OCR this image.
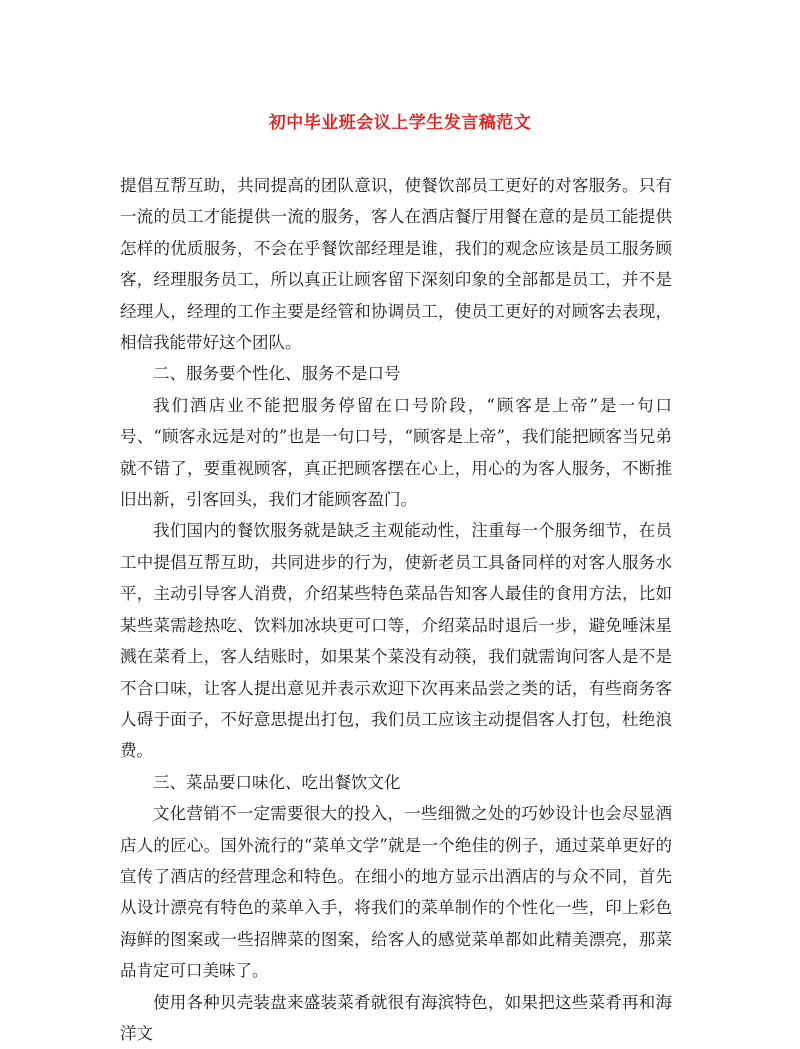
初中毕业班会议上学生发言稿范文

提倡互帮互助，共同提高的团队意识，使餐饮部员工更好的对客服务。只有一流的员工才能提供一流的服务，客人在酒店餐厅用餐在意的是员工能提供怎样的优质服务，不会在乎餐饮部经理是谁，我们的观念应该是员工服务顾客，经理服务员工，所以真正让顾客留下深刻印象的全部都是员工，并不是经理人，经理的工作主要是经管和协调员工，使员工更好的对顾客去表现，相信我能带好这个团队。

二、服务要个性化、服务不是口号

我们酒店业不能把服务停留在口号阶段，“顾客是上帝”是一句口号、“顾客永远是对的”也是一句口号，“顾客是上帝”，我们能把顾客当兄弟就不错了，要重视顾客，真正把顾客摆在心上，用心的为客人服务，不断推旧出新，引客回头，我们才能顾客盈门。

我们国内的餐饮服务就是缺乏主观能动性，注重每一个服务细节，在员工中提倡互帮互助，共同进步的行为，使新老员工具备同样的对客人服务水平，主动引导客人消费，介绍某些特色菜品告知客人最佳的食用方法，比如某些菜需趁热吃、饮料加冰块更可口等，介绍菜品时退后一步，避免唾沫星溅在菜肴上，客人结账时，如果某个菜没有动筷，我们就需询问客人是不是不合口味，让客人提出意见并表示欢迎下次再来品尝之类的话，有些商务客人碍于面子，不好意思提出打包，我们员工应该主动提倡客人打包，杜绝浪费。

三、菜品要口味化、吃出餐饮文化

文化营销不一定需要很大的投入，一些细微之处的巧妙设计也会尽显酒店人的匠心。国外流行的“菜单文学”就是一个绝佳的例子，通过菜单更好的宣传了酒店的经营理念和特色。在细小的地方显示出酒店的与众不同，首先从设计漂亮有特色的菜单入手，将我们的菜单制作的个性化一些，印上彩色海鲜的图案或一些招牌菜的图案，给客人的感觉菜单都如此精美漂亮，那菜品肯定可口美味了。

使用各种贝壳装盘来盛装菜肴就很有海滨特色，如果把这些菜肴再和海洋文
